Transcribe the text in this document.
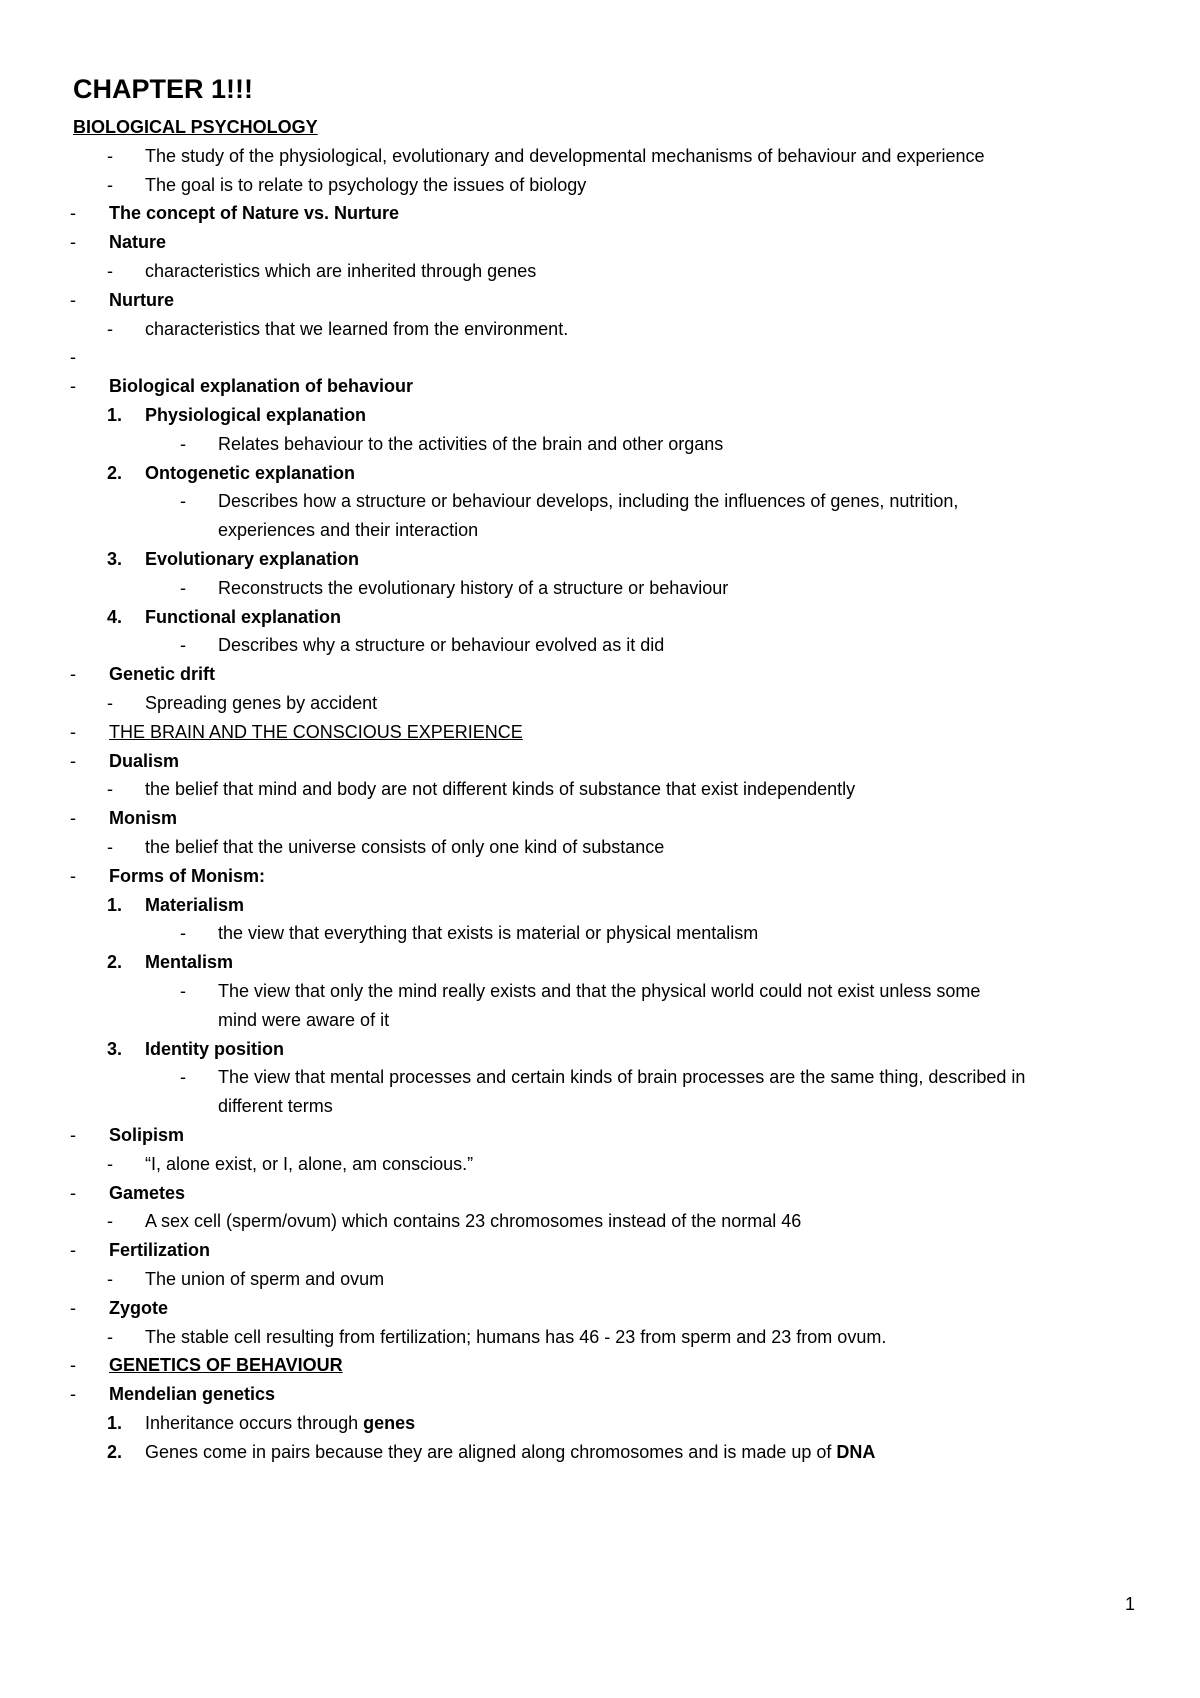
CHAPTER 1!!!
BIOLOGICAL PSYCHOLOGY
- The study of the physiological, evolutionary and developmental mechanisms of behaviour and experience
- The goal is to relate to psychology the issues of biology
- The concept of Nature vs. Nurture
- Nature
- characteristics which are inherited through genes
- Nurture
- characteristics that we learned from the environment.
-
- Biological explanation of behaviour
1. Physiological explanation
- Relates behaviour to the activities of the brain and other organs
2. Ontogenetic explanation
- Describes how a structure or behaviour develops, including the influences of genes, nutrition,
experiences and their interaction
3. Evolutionary explanation
- Reconstructs the evolutionary history of a structure or behaviour
4. Functional explanation
- Describes why a structure or behaviour evolved as it did
- Genetic drift
- Spreading genes by accident
- THE BRAIN AND THE CONSCIOUS EXPERIENCE
- Dualism
- the belief that mind and body are not different kinds of substance that exist independently
- Monism
- the belief that the universe consists of only one kind of substance
- Forms of Monism:
1. Materialism
- the view that everything that exists is material or physical mentalism
2. Mentalism
- The view that only the mind really exists and that the physical world could not exist unless some
mind were aware of it
3. Identity position
- The view that mental processes and certain kinds of brain processes are the same thing, described in
different terms
- Solipism
- “I, alone exist, or I, alone, am conscious.”
- Gametes
- A sex cell (sperm/ovum) which contains 23 chromosomes instead of the normal 46
- Fertilization
- The union of sperm and ovum
- Zygote
- The stable cell resulting from fertilization; humans has 46 - 23 from sperm and 23 from ovum.
- GENETICS OF BEHAVIOUR
- Mendelian genetics
1. Inheritance occurs through genes
2. Genes come in pairs because they are aligned along chromosomes and is made up of DNA
1
